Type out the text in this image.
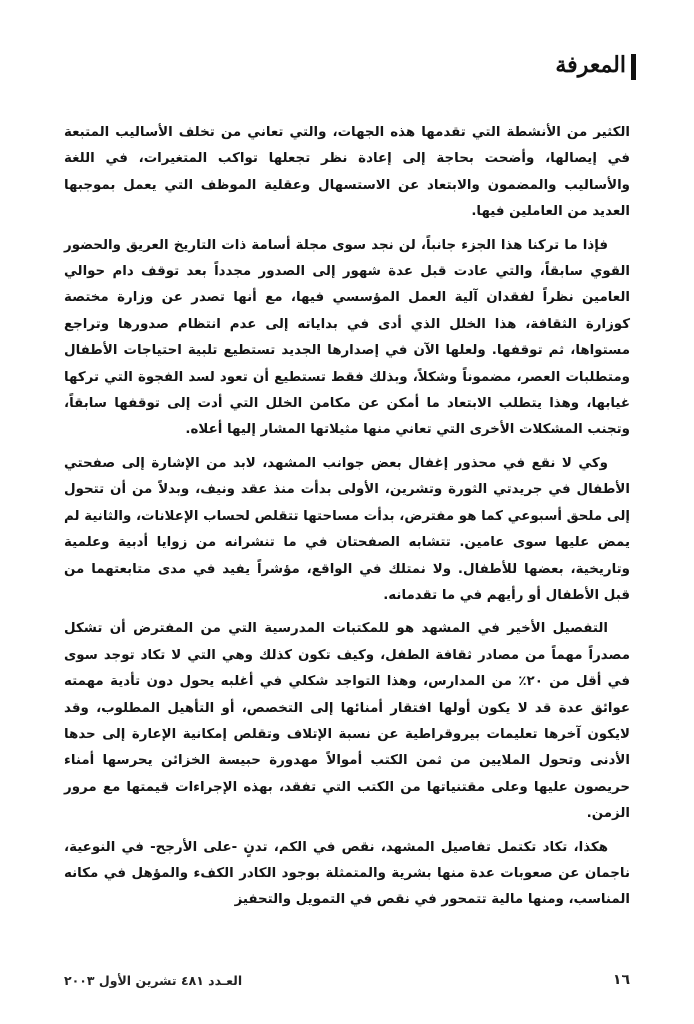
المعرفة

الكثير من الأنشطة التي تقدمها هذه الجهات، والتي تعاني من تخلف الأساليب المتبعة في إيصالها، وأضحت بحاجة إلى إعادة نظر تجعلها تواكب المتغيرات، في اللغة والأساليب والمضمون والابتعاد عن الاستسهال وعقلية الموظف التي يعمل بموجبها العديد من العاملين فيها.

فإذا ما تركنا هذا الجزء جانباً، لن نجد سوى مجلة أسامة ذات التاريخ العريق والحضور القوي سابقاً، والتي عادت قبل عدة شهور إلى الصدور مجدداً بعد توقف دام حوالي العامين نظراً لفقدان آلية العمل المؤسسي فيها، مع أنها تصدر عن وزارة مختصة كوزارة الثقافة، هذا الخلل الذي أدى في بداياته إلى عدم انتظام صدورها وتراجع مستواها، ثم توقفها. ولعلها الآن في إصدارها الجديد تستطيع تلبية احتياجات الأطفال ومتطلبات العصر، مضموناً وشكلاً، وبذلك فقط تستطيع أن تعود لسد الفجوة التي تركها غيابها، وهذا يتطلب الابتعاد ما أمكن عن مكامن الخلل التي أدت إلى توقفها سابقاً، وتجنب المشكلات الأخرى التي تعاني منها مثيلاتها المشار إليها أعلاه.

وكي لا نقع في محذور إغفال بعض جوانب المشهد، لابد من الإشارة إلى صفحتي الأطفال في جريدتي الثورة وتشرين، الأولى بدأت منذ عقد ونيف، وبدلاً من أن تتحول إلى ملحق أسبوعي كما هو مفترض، بدأت مساحتها تتقلص لحساب الإعلانات، والثانية لم يمض عليها سوى عامين. تتشابه الصفحتان في ما تنشرانه من زوايا أدبية وعلمية وتاريخية، بعضها للأطفال. ولا نمتلك في الواقع، مؤشراً يفيد في مدى متابعتهما من قبل الأطفال أو رأيهم في ما تقدمانه.

التفصيل الأخير في المشهد هو للمكتبات المدرسية التي من المفترض أن تشكل مصدراً مهماً من مصادر ثقافة الطفل، وكيف تكون كذلك وهي التي لا تكاد توجد سوى في أقل من ٢٠٪ من المدارس، وهذا التواجد شكلي في أغلبه يحول دون تأدية مهمته عوائق عدة قد لا يكون أولها افتقار أمنائها إلى التخصص، أو التأهيل المطلوب، وقد لايكون آخرها تعليمات بيروقراطية عن نسبة الإتلاف وتقلص إمكانية الإعارة إلى حدها الأدنى وتحول الملايين من ثمن الكتب أموالاً مهدورة حبيسة الخزائن يحرسها أمناء حريصون عليها وعلى مقتنياتها من الكتب التي تفقد، بهذه الإجراءات قيمتها مع مرور الزمن.

هكذا، تكاد تكتمل تفاصيل المشهد، نقص في الكم، تدنٍ -على الأرجح- في النوعية، ناجمان عن صعوبات عدة منها بشرية والمتمثلة بوجود الكادر الكفء والمؤهل في مكانه المناسب، ومنها مالية تتمحور في نقص في التمويل والتحفيز

العـدد ٤٨١ تشرين الأول ٢٠٠٣	١٦
